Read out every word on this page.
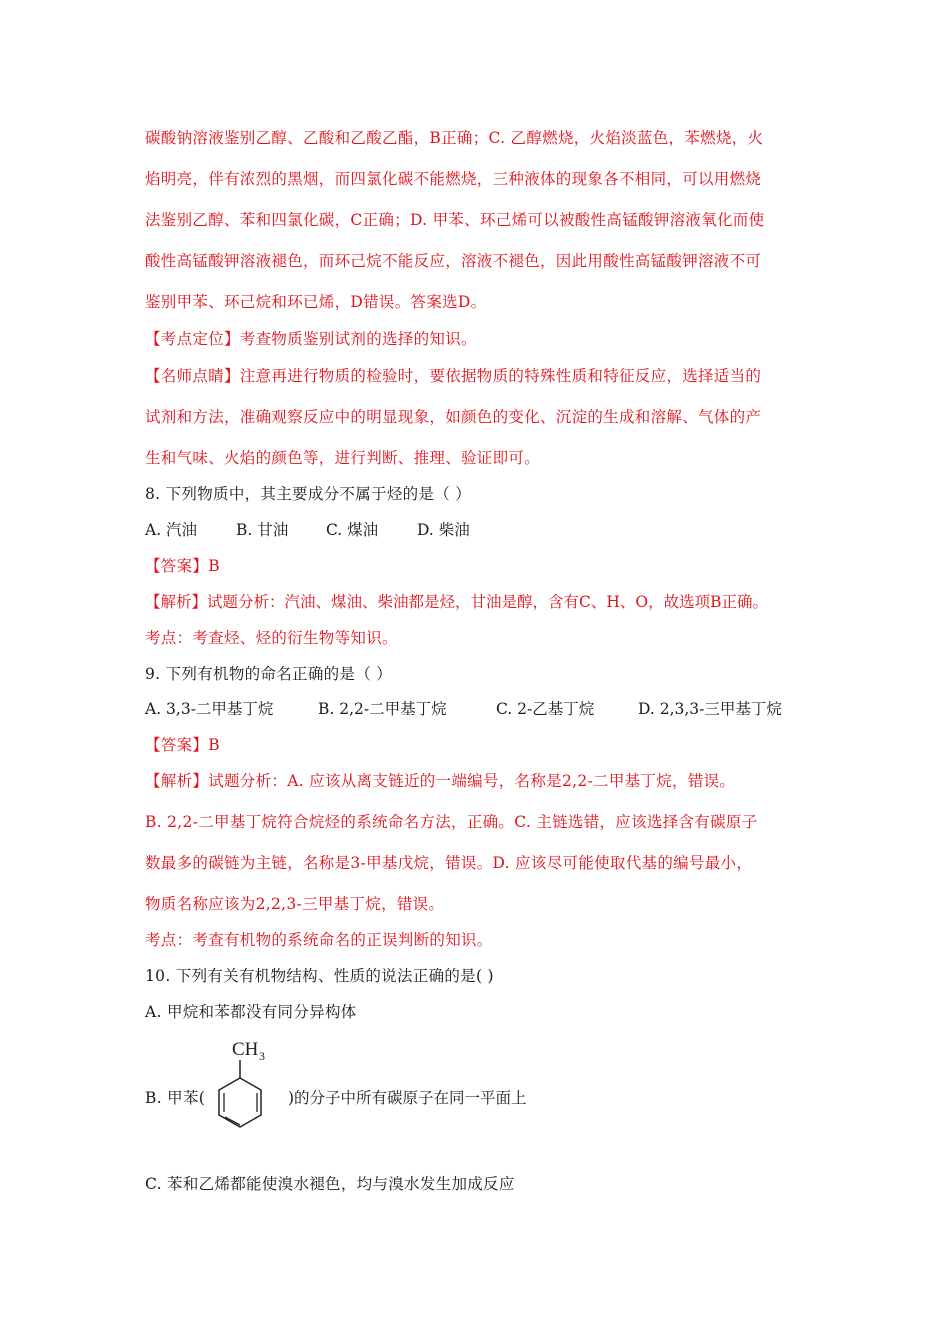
碳酸钠溶液鉴别乙醇、乙酸和乙酸乙酯，B正确；C. 乙醇燃烧，火焰淡蓝色，苯燃烧，火
焰明亮，伴有浓烈的黑烟，而四氯化碳不能燃烧，三种液体的现象各不相同，可以用燃烧
法鉴别乙醇、苯和四氯化碳，C正确；D. 甲苯、环己烯可以被酸性高锰酸钾溶液氧化而使
酸性高锰酸钾溶液褪色，而环己烷不能反应，溶液不褪色，因此用酸性高锰酸钾溶液不可
鉴别甲苯、环己烷和环已烯，D错误。答案选D。
【考点定位】考查物质鉴别试剂的选择的知识。
【名师点睛】注意再进行物质的检验时，要依据物质的特殊性质和特征反应，选择适当的
试剂和方法，准确观察反应中的明显现象，如颜色的变化、沉淀的生成和溶解、气体的产
生和气味、火焰的颜色等，进行判断、推理、验证即可。
8. 下列物质中，其主要成分不属于烃的是（ ）
A. 汽油	B. 甘油 C. 煤油	D. 柴油
【答案】B
【解析】试题分析：汽油、煤油、柴油都是烃，甘油是醇，含有C、H、O，故选项B正确。
考点：考查烃、烃的衍生物等知识。
9. 下列有机物的命名正确的是（ ）
A. 3,3-二甲基丁烷	B. 2,2-二甲基丁烷	C. 2-乙基丁烷	D. 2,3,3-三甲基丁烷
【答案】B
【解析】试题分析：A. 应该从离支链近的一端编号，名称是2,2-二甲基丁烷，错误。
B. 2,2-二甲基丁烷符合烷烃的系统命名方法，正确。C. 主链选错，应该选择含有碳原子
数最多的碳链为主链，名称是3-甲基戊烷，错误。D. 应该尽可能使取代基的编号最小，
物质名称应该为2,2,3-三甲基丁烷，错误。
考点：考查有机物的系统命名的正误判断的知识。
10. 下列有关有机物结构、性质的说法正确的是( )
A. 甲烷和苯都没有同分异构体
B. 甲苯(
CH 3
)的分子中所有碳原子在同一平面上
C. 苯和乙烯都能使溴水褪色，均与溴水发生加成反应
